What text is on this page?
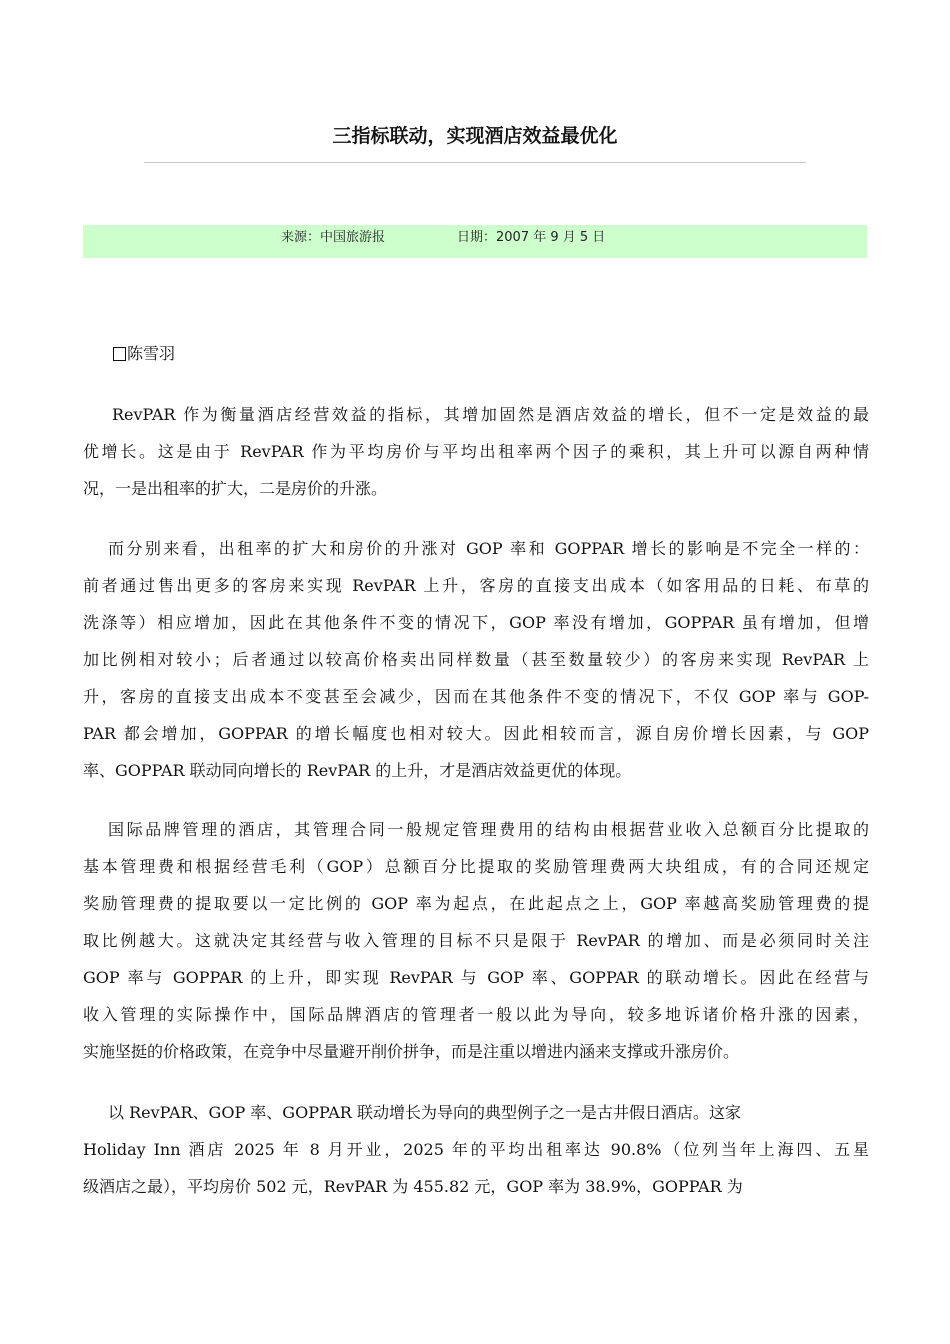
三指标联动，实现酒店效益最优化
来源：中国旅游报	日期：2007 年 9 月 5 日
陈雪羽
RevPAR 作为衡量酒店经营效益的指标，其增加固然是酒店效益的增长，但不一定是效益的最
优增长。这是由于 RevPAR 作为平均房价与平均出租率两个因子的乘积，其上升可以源自两种情
况，一是出租率的扩大，二是房价的升涨。
而分别来看，出租率的扩大和房价的升涨对 GOP 率和 GOPPAR 增长的影响是不完全一样的：
前者通过售出更多的客房来实现 RevPAR 上升，客房的直接支出成本（如客用品的日耗、布草的
洗涤等）相应增加，因此在其他条件不变的情况下，GOP 率没有增加，GOPPAR 虽有增加，但增
加比例相对较小；后者通过以较高价格卖出同样数量（甚至数量较少）的客房来实现 RevPAR 上
升，客房的直接支出成本不变甚至会减少，因而在其他条件不变的情况下，不仅 GOP 率与 GOP-
PAR 都会增加，GOPPAR 的增长幅度也相对较大。因此相较而言，源自房价增长因素，与 GOP
率、GOPPAR 联动同向增长的 RevPAR 的上升，才是酒店效益更优的体现。
国际品牌管理的酒店，其管理合同一般规定管理费用的结构由根据营业收入总额百分比提取的
基本管理费和根据经营毛利（GOP）总额百分比提取的奖励管理费两大块组成，有的合同还规定
奖励管理费的提取要以一定比例的 GOP 率为起点，在此起点之上，GOP 率越高奖励管理费的提
取比例越大。这就决定其经营与收入管理的目标不只是限于 RevPAR 的增加、而是必须同时关注
GOP 率与 GOPPAR 的上升，即实现 RevPAR 与 GOP 率、GOPPAR 的联动增长。因此在经营与
收入管理的实际操作中，国际品牌酒店的管理者一般以此为导向，较多地诉诸价格升涨的因素，
实施坚挺的价格政策，在竞争中尽量避开削价拼争，而是注重以增进内涵来支撑或升涨房价。
以 RevPAR、GOP 率、GOPPAR 联动增长为导向的典型例子之一是古井假日酒店。这家
Holiday Inn 酒店 2025 年 8 月开业，2025 年的平均出租率达 90.8%（位列当年上海四、五星
级酒店之最），平均房价 502 元，RevPAR 为 455.82 元，GOP 率为 38.9%，GOPPAR 为
